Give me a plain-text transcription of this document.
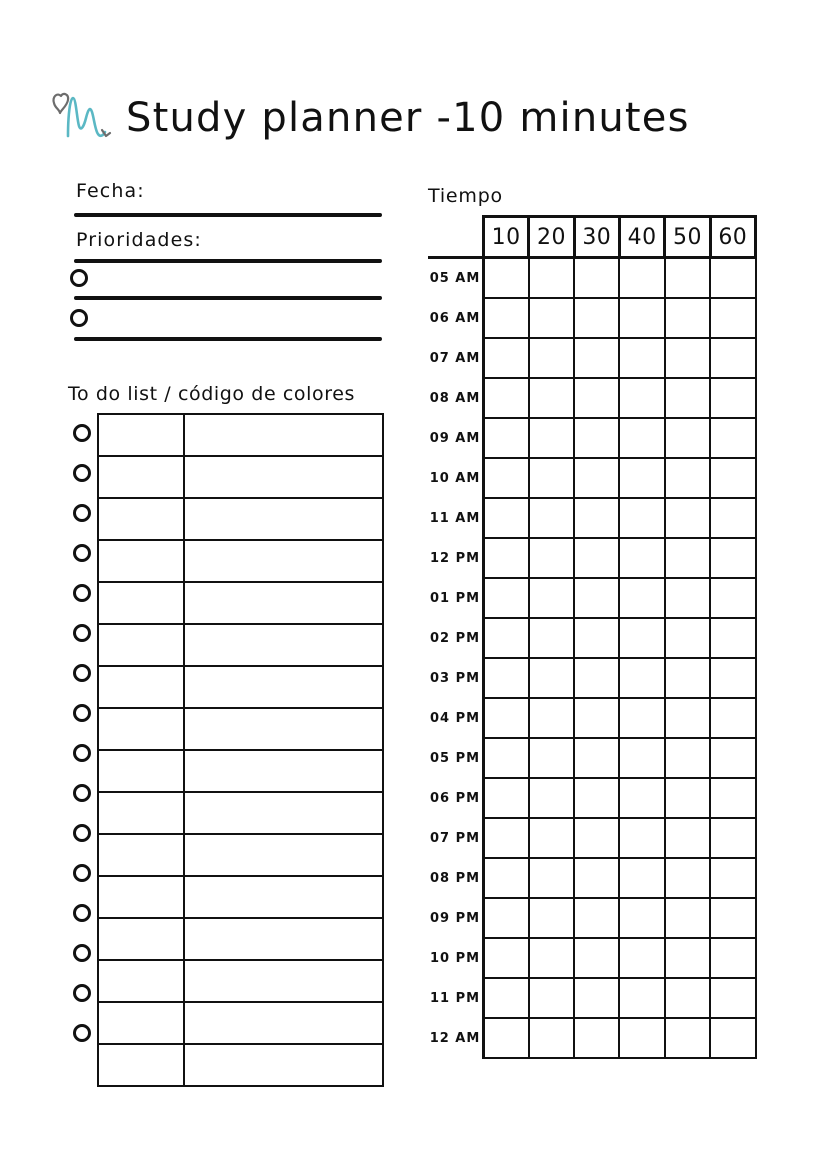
Study planner -10 minutes
Fecha:
Prioridades:
To do list / código de colores

Tiempo
	10	20	30	40	50	60
05 AM						
06 AM						
07 AM						
08 AM						
09 AM						
10 AM						
11 AM						
12 PM						
01 PM						
02 PM						
03 PM						
04 PM						
05 PM						
06 PM						
07 PM						
08 PM						
09 PM						
10 PM						
11 PM						
12 AM						
